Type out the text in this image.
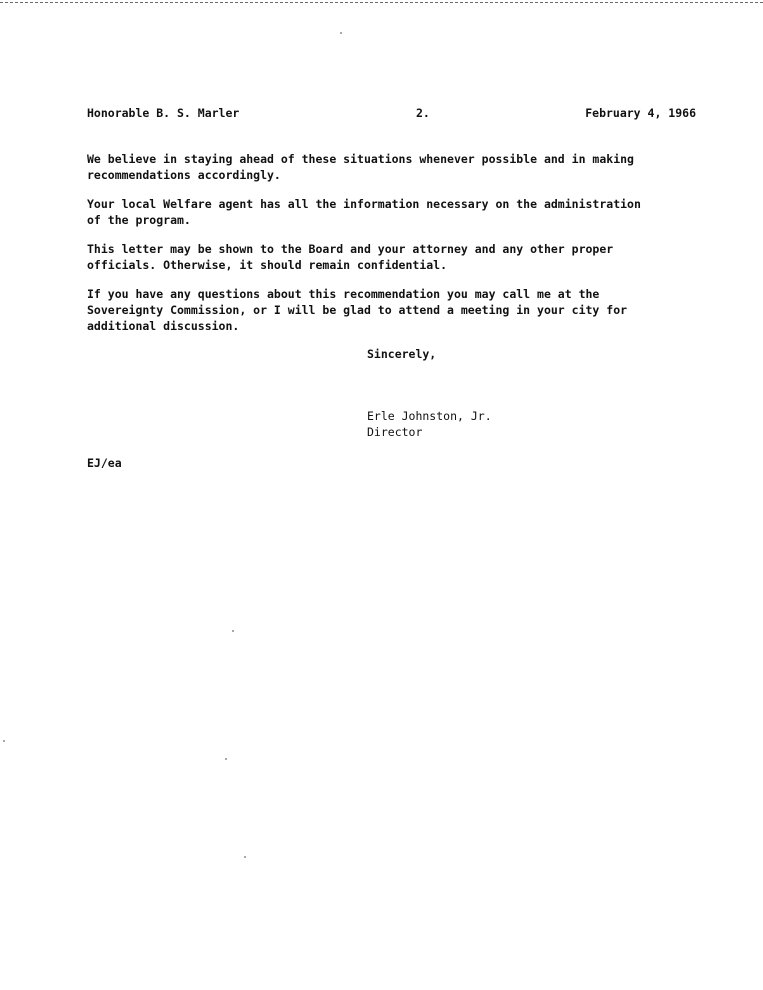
Honorable B. S. Marler	2.	February 4, 1966

We believe in staying ahead of these situations whenever possible and in making
recommendations accordingly.

Your local Welfare agent has all the information necessary on the administration
of the program.

This letter may be shown to the Board and your attorney and any other proper
officials. Otherwise, it should remain confidential.

If you have any questions about this recommendation you may call me at the
Sovereignty Commission, or I will be glad to attend a meeting in your city for
additional discussion.

Sincerely,
Erle Johnston, Jr.
Director
EJ/ea
